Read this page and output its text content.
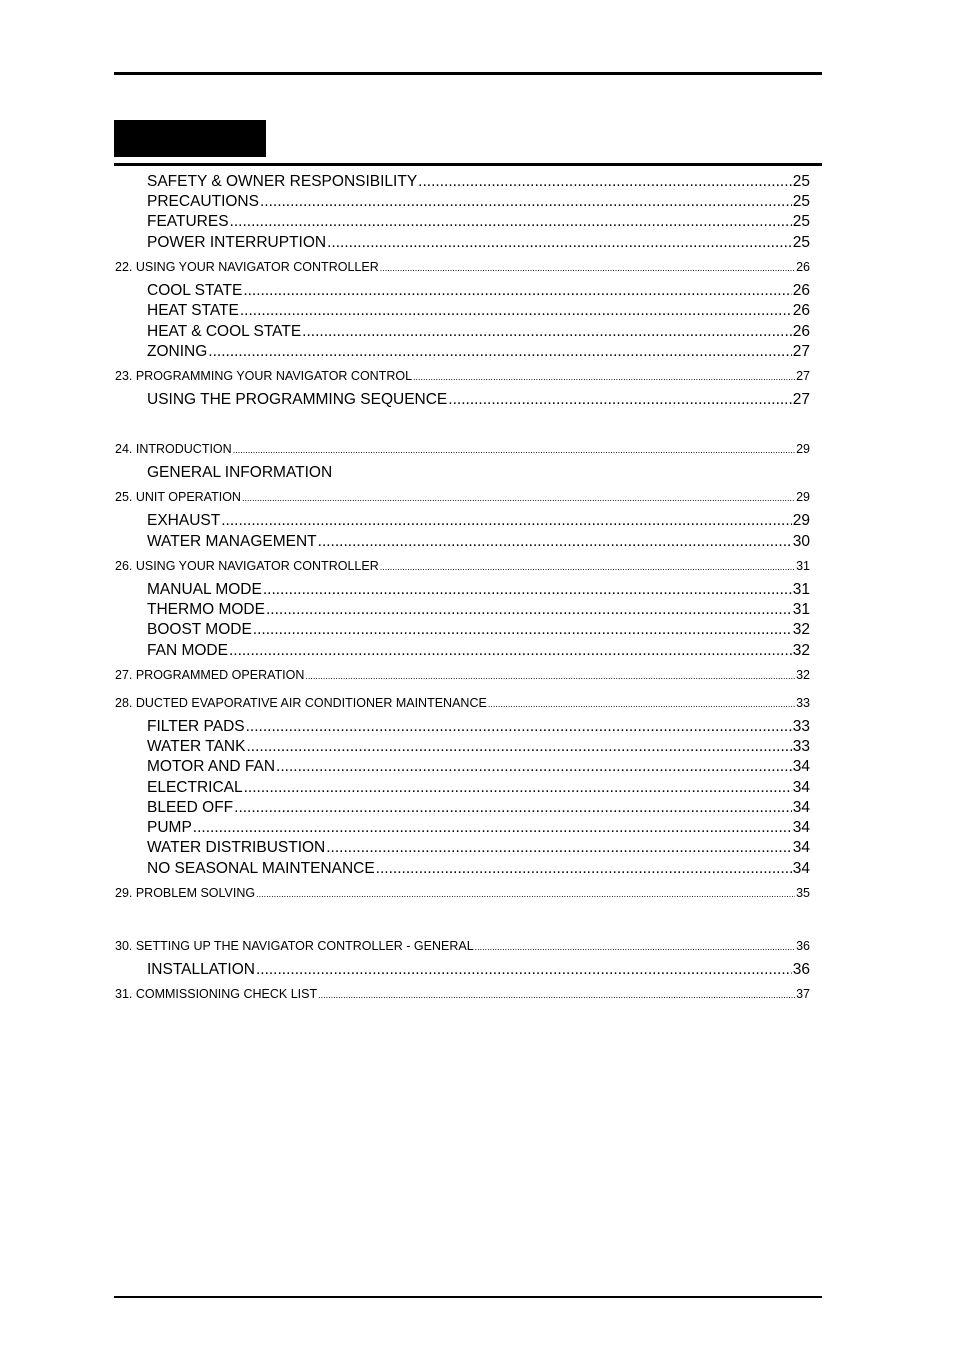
SAFETY & OWNER RESPONSIBILITY .....	25
PRECAUTIONS .....	25
FEATURES .....	25
POWER INTERRUPTION .....	25
22. USING YOUR NAVIGATOR CONTROLLER .....	26
COOL STATE .....	26
HEAT STATE .....	26
HEAT & COOL STATE .....	26
ZONING .....	27
23. PROGRAMMING YOUR NAVIGATOR CONTROL .....	27
USING THE PROGRAMMING SEQUENCE .....	27
24. INTRODUCTION .....	29
GENERAL INFORMATION
25. UNIT OPERATION .....	29
EXHAUST .....	29
WATER MANAGEMENT .....	30
26. USING YOUR NAVIGATOR CONTROLLER .....	31
MANUAL MODE .....	31
THERMO MODE .....	31
BOOST MODE .....	32
FAN MODE .....	32
27. PROGRAMMED OPERATION .....	32
28. DUCTED EVAPORATIVE AIR CONDITIONER MAINTENANCE .....	33
FILTER PADS .....	33
WATER TANK .....	33
MOTOR AND FAN .....	34
ELECTRICAL .....	34
BLEED OFF .....	34
PUMP .....	34
WATER DISTRIBUSTION .....	34
NO SEASONAL MAINTENANCE .....	34
29. PROBLEM SOLVING .....	35
30. SETTING UP THE NAVIGATOR CONTROLLER - GENERAL .....	36
INSTALLATION .....	36
31. COMMISSIONING CHECK LIST .....	37
